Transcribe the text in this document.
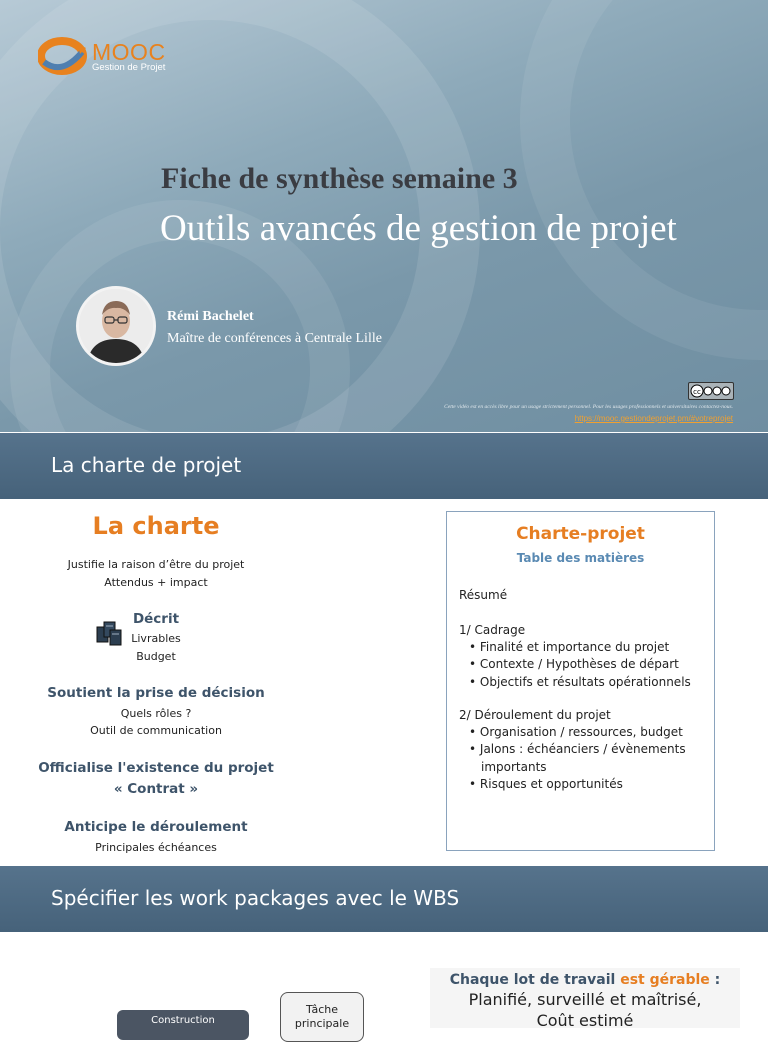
MOOC
Gestion de Projet
Fiche de synthèse semaine 3
Outils avancés de gestion de projet
Rémi Bachelet
Maître de conférences à Centrale Lille
cc
Cette vidéo est en accès libre pour un usage strictement personnel. Pour les usages professionnels et universitaires contactez-nous.
https://mooc.gestiondeprojet.pm/#votreprojet
La charte de projet
La charte
Justifie la raison d’être du projet
Attendus + impact
Décrit
Livrables
Budget
Soutient la prise de décision
Quels rôles ?
Outil de communication
Officialise l'existence du projet
« Contrat »
Anticipe le déroulement
Principales échéances
Charte-projet
Table des matières
Résumé
1/ Cadrage
• Finalité et importance du projet
• Contexte / Hypothèses de départ
• Objectifs et résultats opérationnels
2/ Déroulement du projet
• Organisation / ressources, budget
• Jalons : échéanciers / évènements
importants
• Risques et opportunités
Spécifier les work packages avec le WBS
Construction
Tâche
principale
Chaque lot de travail est gérable :
Planifié, surveillé et maîtrisé,
Coût estimé
